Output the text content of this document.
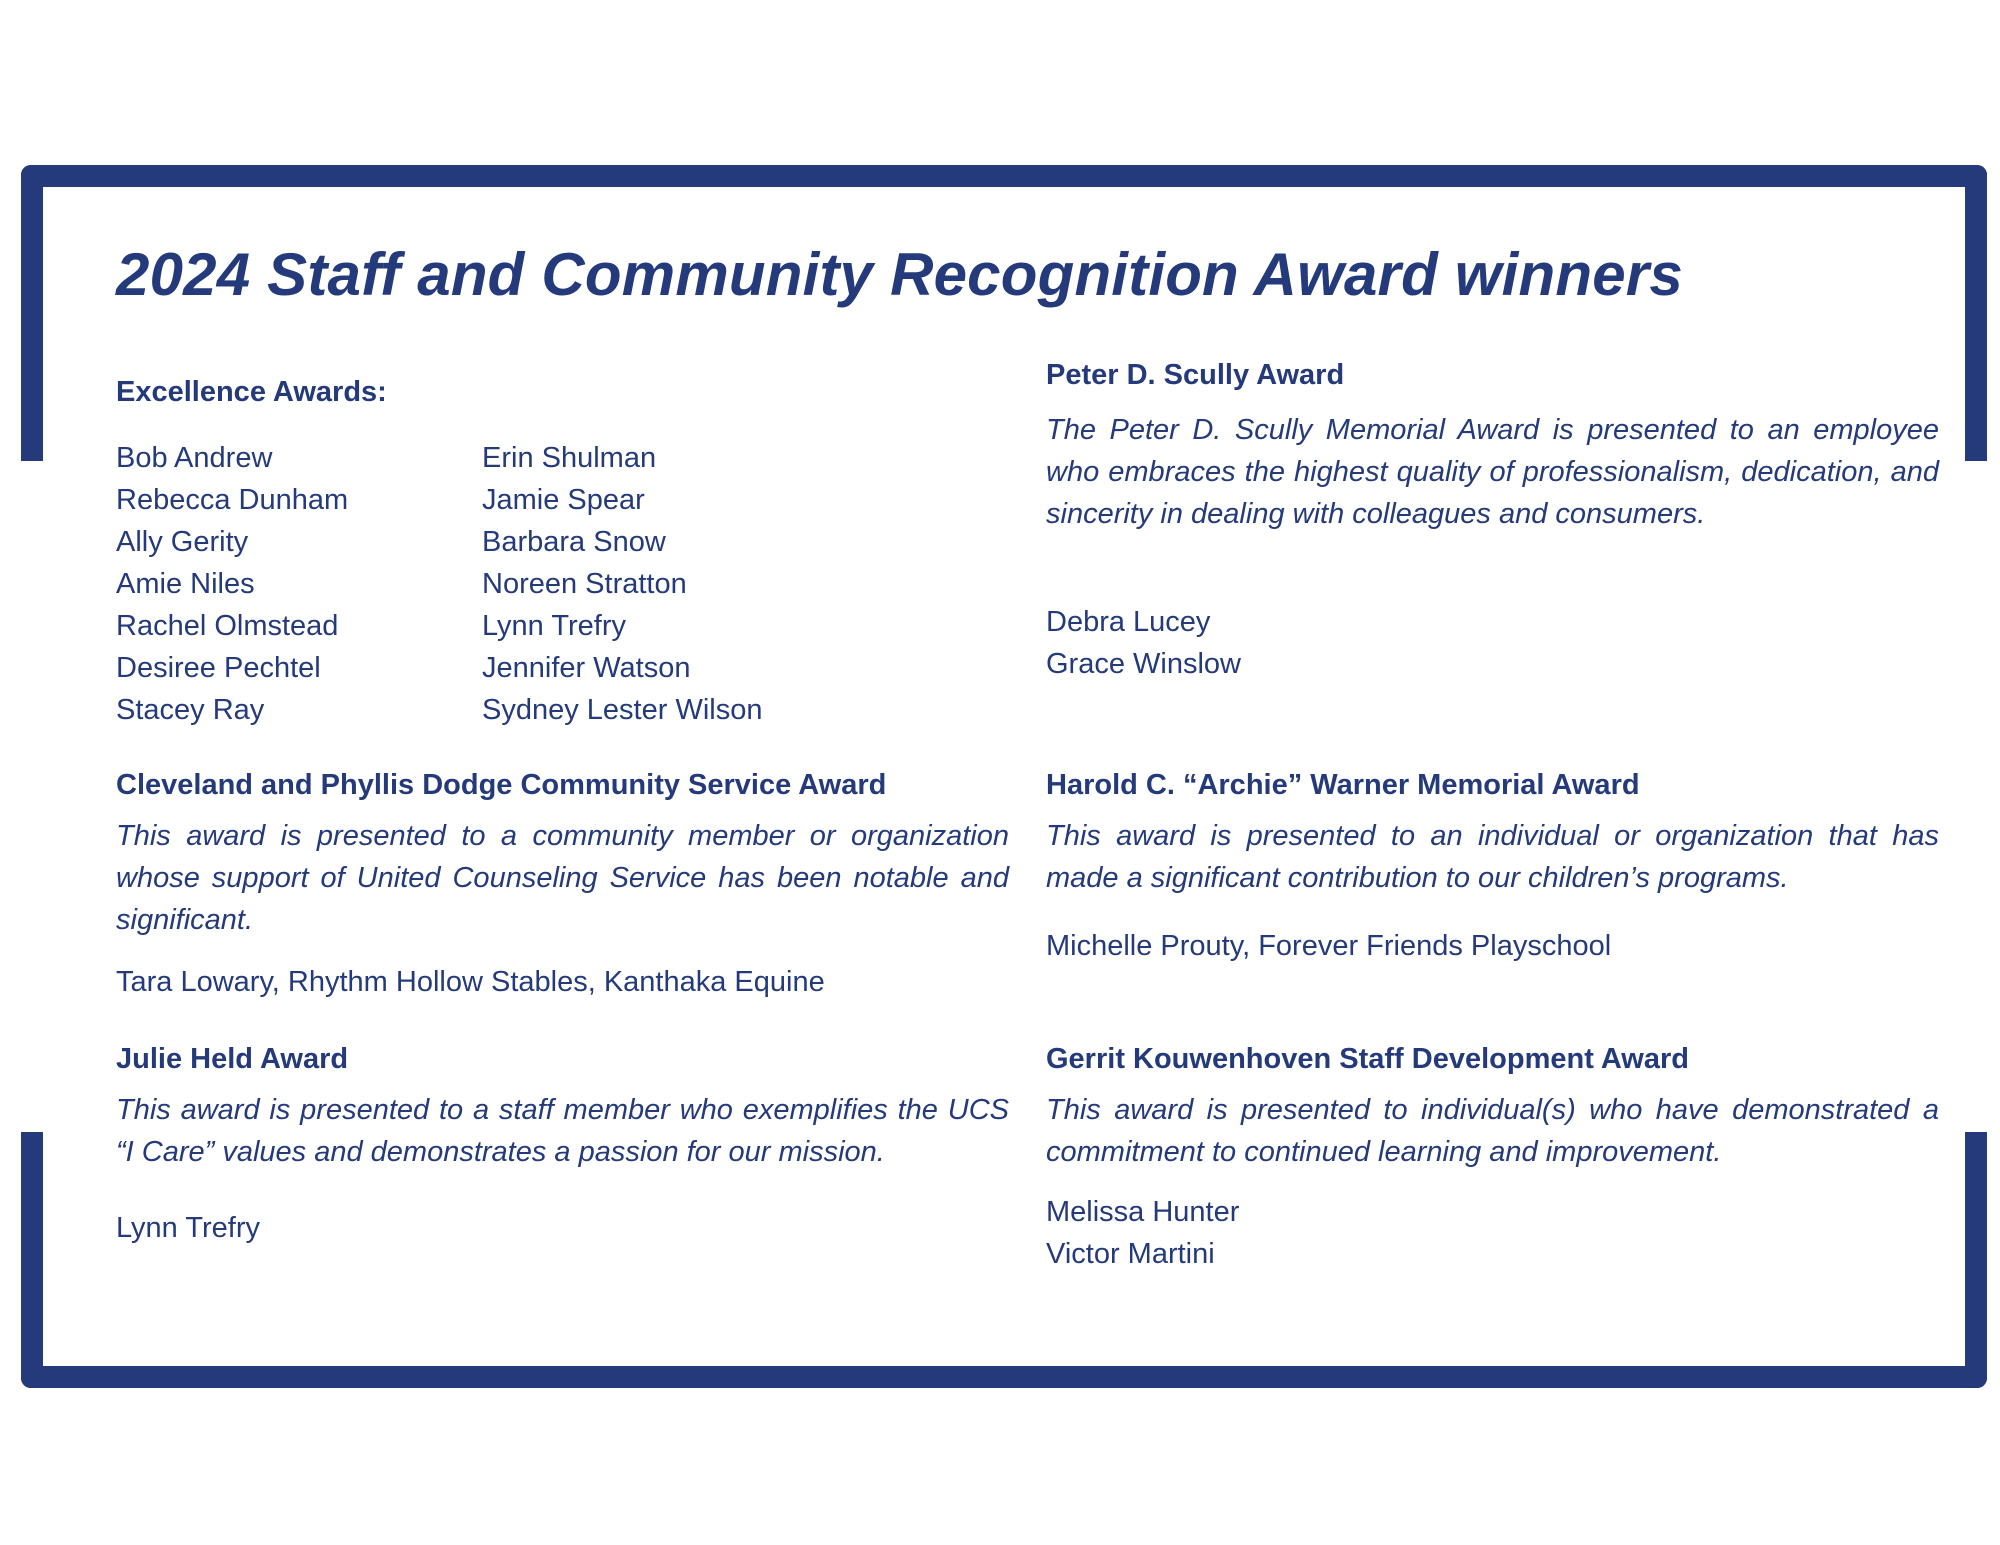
2024 Staff and Community Recognition Award winners
Excellence Awards:
Bob Andrew
Rebecca Dunham
Ally Gerity
Amie Niles
Rachel Olmstead
Desiree Pechtel
Stacey Ray
Erin Shulman
Jamie Spear
Barbara Snow
Noreen Stratton
Lynn Trefry
Jennifer Watson
Sydney Lester Wilson
Peter D. Scully Award

The Peter D. Scully Memorial Award is presented to an employee who embraces the highest quality of professionalism, dedication, and sincerity in dealing with colleagues and consumers.

Debra Lucey
Grace Winslow
Cleveland and Phyllis Dodge Community Service Award

This award is presented to a community member or organization whose support of United Counseling Service has been notable and significant.

Tara Lowary, Rhythm Hollow Stables, Kanthaka Equine

Harold C. “Archie” Warner Memorial Award

This award is presented to an individual or organization that has made a significant contribution to our children’s programs.

Michelle Prouty, Forever Friends Playschool

Julie Held Award

This award is presented to a staff member who exemplifies the UCS “I Care” values and demonstrates a passion for our mission.

Lynn Trefry

Gerrit Kouwenhoven Staff Development Award

This award is presented to individual(s) who have demonstrated a commitment to continued learning and improvement.

Melissa Hunter
Victor Martini
